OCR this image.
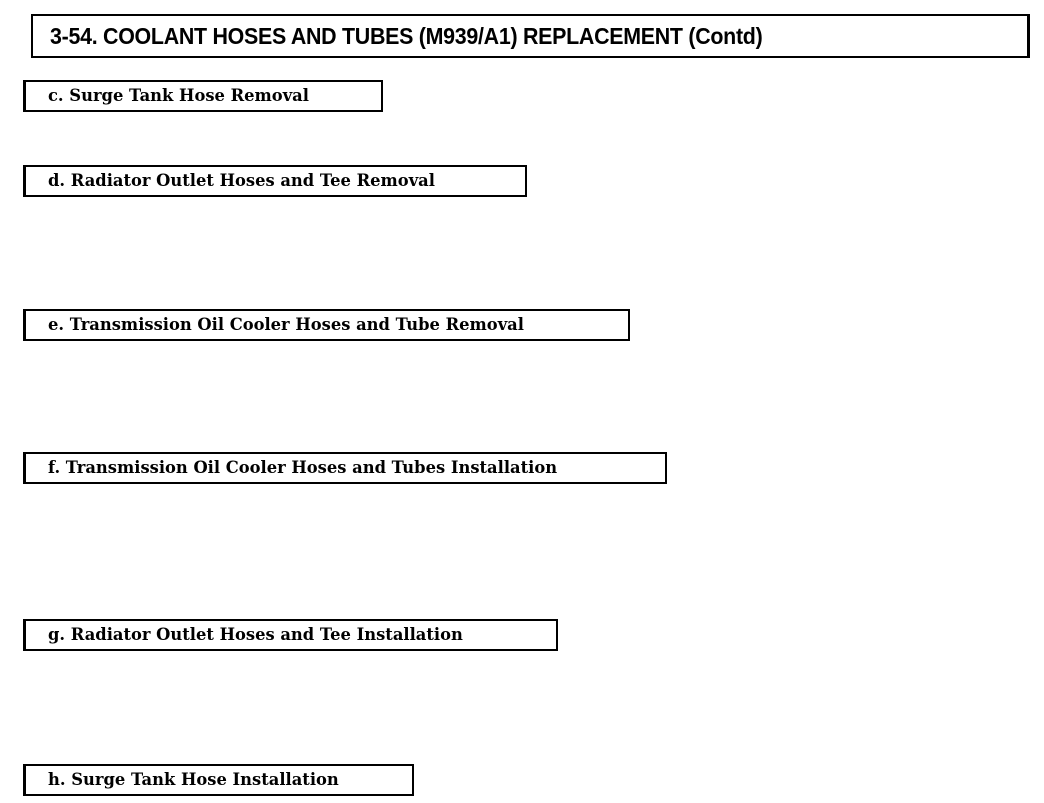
3-54. COOLANT HOSES AND TUBES (M939/A1) REPLACEMENT (Contd)
c. Surge Tank Hose Removal
d. Radiator Outlet Hoses and Tee Removal
e. Transmission Oil Cooler Hoses and Tube Removal
f. Transmission Oil Cooler Hoses and Tubes Installation
g. Radiator Outlet Hoses and Tee Installation
h. Surge Tank Hose Installation
